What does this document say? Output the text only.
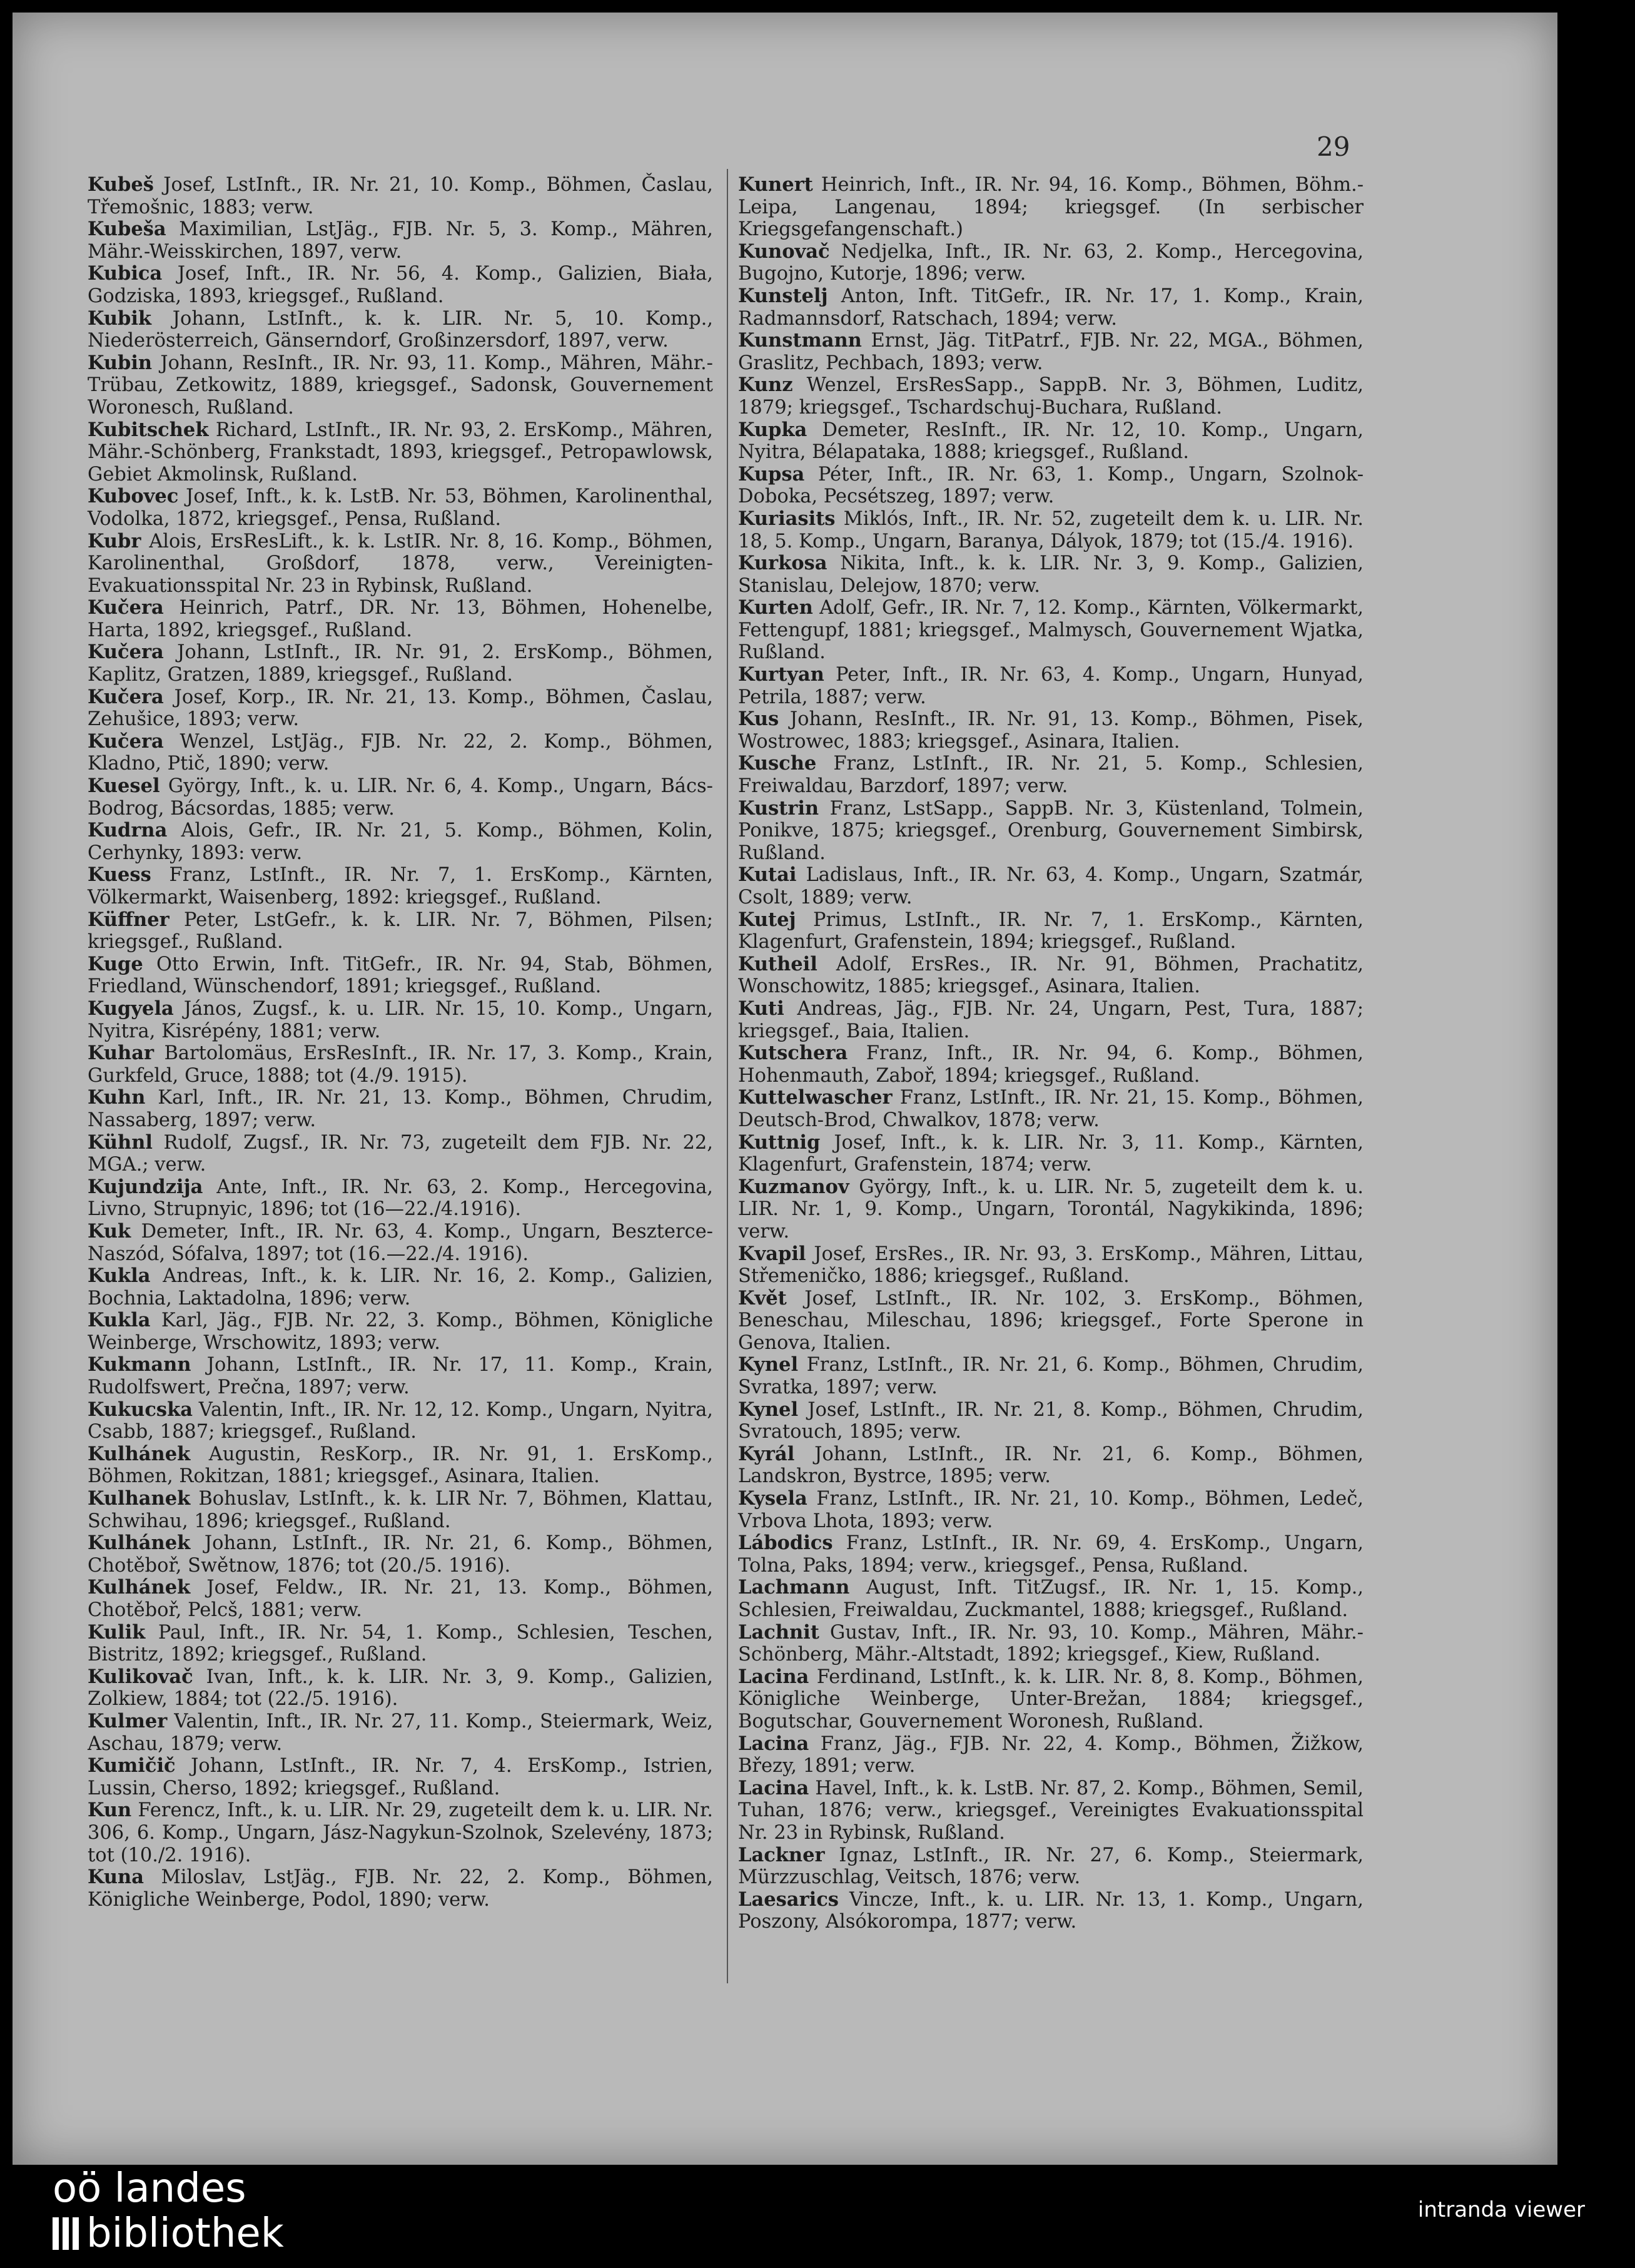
29

Kubeš Josef, LstInft., IR. Nr. 21, 10. Komp., Böhmen, Časlau, Třemošnic, 1883; verw.

Kubeša Maximilian, LstJäg., FJB. Nr. 5, 3. Komp., Mähren, Mähr.-Weisskirchen, 1897, verw.

Kubica Josef, Inft., IR. Nr. 56, 4. Komp., Galizien, Biała, Godziska, 1893, kriegsgef., Rußland.

Kubik Johann, LstInft., k. k. LIR. Nr. 5, 10. Komp., Niederösterreich, Gänserndorf, Großinzersdorf, 1897, verw.

Kubin Johann, ResInft., IR. Nr. 93, 11. Komp., Mähren, Mähr.-Trübau, Zetkowitz, 1889, kriegsgef., Sadonsk, Gouvernement Woronesch, Rußland.

Kubitschek Richard, LstInft., IR. Nr. 93, 2. ErsKomp., Mähren, Mähr.-Schönberg, Frankstadt, 1893, kriegsgef., Petropawlowsk, Gebiet Akmolinsk, Rußland.

Kubovec Josef, Inft., k. k. LstB. Nr. 53, Böhmen, Karolinenthal, Vodolka, 1872, kriegsgef., Pensa, Rußland.

Kubr Alois, ErsResLift., k. k. LstIR. Nr. 8, 16. Komp., Böhmen, Karolinenthal, Großdorf, 1878, verw., Vereinigten-Evakuationsspital Nr. 23 in Rybinsk, Rußland.

Kučera Heinrich, Patrf., DR. Nr. 13, Böhmen, Hohenelbe, Harta, 1892, kriegsgef., Rußland.

Kučera Johann, LstInft., IR. Nr. 91, 2. ErsKomp., Böhmen, Kaplitz, Gratzen, 1889, kriegsgef., Rußland.

Kučera Josef, Korp., IR. Nr. 21, 13. Komp., Böhmen, Časlau, Zehušice, 1893; verw.

Kučera Wenzel, LstJäg., FJB. Nr. 22, 2. Komp., Böhmen, Kladno, Ptič, 1890; verw.

Kuesel György, Inft., k. u. LIR. Nr. 6, 4. Komp., Ungarn, Bács-Bodrog, Bácsordas, 1885; verw.

Kudrna Alois, Gefr., IR. Nr. 21, 5. Komp., Böhmen, Kolin, Cerhynky, 1893: verw.

Kuess Franz, LstInft., IR. Nr. 7, 1. ErsKomp., Kärnten, Völkermarkt, Waisenberg, 1892: kriegsgef., Rußland.

Küffner Peter, LstGefr., k. k. LIR. Nr. 7, Böhmen, Pilsen; kriegsgef., Rußland.

Kuge Otto Erwin, Inft. TitGefr., IR. Nr. 94, Stab, Böhmen, Friedland, Wünschendorf, 1891; kriegsgef., Rußland.

Kugyela János, Zugsf., k. u. LIR. Nr. 15, 10. Komp., Ungarn, Nyitra, Kisrépény, 1881; verw.

Kuhar Bartolomäus, ErsResInft., IR. Nr. 17, 3. Komp., Krain, Gurkfeld, Gruce, 1888; tot (4./9. 1915).

Kuhn Karl, Inft., IR. Nr. 21, 13. Komp., Böhmen, Chrudim, Nassaberg, 1897; verw.

Kühnl Rudolf, Zugsf., IR. Nr. 73, zugeteilt dem FJB. Nr. 22, MGA.; verw.

Kujundzija Ante, Inft., IR. Nr. 63, 2. Komp., Hercegovina, Livno, Strupnyic, 1896; tot (16—22./4.1916).

Kuk Demeter, Inft., IR. Nr. 63, 4. Komp., Ungarn, Beszterce-Naszód, Sófalva, 1897; tot (16.—22./4. 1916).

Kukla Andreas, Inft., k. k. LIR. Nr. 16, 2. Komp., Galizien, Bochnia, Laktadolna, 1896; verw.

Kukla Karl, Jäg., FJB. Nr. 22, 3. Komp., Böhmen, Königliche Weinberge, Wrschowitz, 1893; verw.

Kukmann Johann, LstInft., IR. Nr. 17, 11. Komp., Krain, Rudolfswert, Prečna, 1897; verw.

Kukucska Valentin, Inft., IR. Nr. 12, 12. Komp., Ungarn, Nyitra, Csabb, 1887; kriegsgef., Rußland.

Kulhánek Augustin, ResKorp., IR. Nr. 91, 1. ErsKomp., Böhmen, Rokitzan, 1881; kriegsgef., Asinara, Italien.

Kulhanek Bohuslav, LstInft., k. k. LIR Nr. 7, Böhmen, Klattau, Schwihau, 1896; kriegsgef., Rußland.

Kulhánek Johann, LstInft., IR. Nr. 21, 6. Komp., Böhmen, Chotěboř, Swětnow, 1876; tot (20./5. 1916).

Kulhánek Josef, Feldw., IR. Nr. 21, 13. Komp., Böhmen, Chotěboř, Pelcš, 1881; verw.

Kulik Paul, Inft., IR. Nr. 54, 1. Komp., Schlesien, Teschen, Bistritz, 1892; kriegsgef., Rußland.

Kulikovač Ivan, Inft., k. k. LIR. Nr. 3, 9. Komp., Galizien, Zolkiew, 1884; tot (22./5. 1916).

Kulmer Valentin, Inft., IR. Nr. 27, 11. Komp., Steiermark, Weiz, Aschau, 1879; verw.

Kumičič Johann, LstInft., IR. Nr. 7, 4. ErsKomp., Istrien, Lussin, Cherso, 1892; kriegsgef., Rußland.

Kun Ferencz, Inft., k. u. LIR. Nr. 29, zugeteilt dem k. u. LIR. Nr. 306, 6. Komp., Ungarn, Jász-Nagykun-Szolnok, Szelevény, 1873; tot (10./2. 1916).

Kuna Miloslav, LstJäg., FJB. Nr. 22, 2. Komp., Böhmen, Königliche Weinberge, Podol, 1890; verw.

Kunert Heinrich, Inft., IR. Nr. 94, 16. Komp., Böhmen, Böhm.-Leipa, Langenau, 1894; kriegsgef. (In serbischer Kriegsgefangenschaft.)

Kunovač Nedjelka, Inft., IR. Nr. 63, 2. Komp., Hercegovina, Bugojno, Kutorje, 1896; verw.

Kunstelj Anton, Inft. TitGefr., IR. Nr. 17, 1. Komp., Krain, Radmannsdorf, Ratschach, 1894; verw.

Kunstmann Ernst, Jäg. TitPatrf., FJB. Nr. 22, MGA., Böhmen, Graslitz, Pechbach, 1893; verw.

Kunz Wenzel, ErsResSapp., SappB. Nr. 3, Böhmen, Luditz, 1879; kriegsgef., Tschardschuj-Buchara, Rußland.

Kupka Demeter, ResInft., IR. Nr. 12, 10. Komp., Ungarn, Nyitra, Bélapataka, 1888; kriegsgef., Rußland.

Kupsa Péter, Inft., IR. Nr. 63, 1. Komp., Ungarn, Szolnok-Doboka, Pecsétszeg, 1897; verw.

Kuriasits Miklós, Inft., IR. Nr. 52, zugeteilt dem k. u. LIR. Nr. 18, 5. Komp., Ungarn, Baranya, Dályok, 1879; tot (15./4. 1916).

Kurkosa Nikita, Inft., k. k. LIR. Nr. 3, 9. Komp., Galizien, Stanislau, Delejow, 1870; verw.

Kurten Adolf, Gefr., IR. Nr. 7, 12. Komp., Kärnten, Völkermarkt, Fettengupf, 1881; kriegsgef., Malmysch, Gouvernement Wjatka, Rußland.

Kurtyan Peter, Inft., IR. Nr. 63, 4. Komp., Ungarn, Hunyad, Petrila, 1887; verw.

Kus Johann, ResInft., IR. Nr. 91, 13. Komp., Böhmen, Pisek, Wostrowec, 1883; kriegsgef., Asinara, Italien.

Kusche Franz, LstInft., IR. Nr. 21, 5. Komp., Schlesien, Freiwaldau, Barzdorf, 1897; verw.

Kustrin Franz, LstSapp., SappB. Nr. 3, Küstenland, Tolmein, Ponikve, 1875; kriegsgef., Orenburg, Gouvernement Simbirsk, Rußland.

Kutai Ladislaus, Inft., IR. Nr. 63, 4. Komp., Ungarn, Szatmár, Csolt, 1889; verw.

Kutej Primus, LstInft., IR. Nr. 7, 1. ErsKomp., Kärnten, Klagenfurt, Grafenstein, 1894; kriegsgef., Rußland.

Kutheil Adolf, ErsRes., IR. Nr. 91, Böhmen, Prachatitz, Wonschowitz, 1885; kriegsgef., Asinara, Italien.

Kuti Andreas, Jäg., FJB. Nr. 24, Ungarn, Pest, Tura, 1887; kriegsgef., Baia, Italien.

Kutschera Franz, Inft., IR. Nr. 94, 6. Komp., Böhmen, Hohenmauth, Zaboř, 1894; kriegsgef., Rußland.

Kuttelwascher Franz, LstInft., IR. Nr. 21, 15. Komp., Böhmen, Deutsch-Brod, Chwalkov, 1878; verw.

Kuttnig Josef, Inft., k. k. LIR. Nr. 3, 11. Komp., Kärnten, Klagenfurt, Grafenstein, 1874; verw.

Kuzmanov György, Inft., k. u. LIR. Nr. 5, zugeteilt dem k. u. LIR. Nr. 1, 9. Komp., Ungarn, Torontál, Nagykikinda, 1896; verw.

Kvapil Josef, ErsRes., IR. Nr. 93, 3. ErsKomp., Mähren, Littau, Střemeničko, 1886; kriegsgef., Rußland.

Květ Josef, LstInft., IR. Nr. 102, 3. ErsKomp., Böhmen, Beneschau, Mileschau, 1896; kriegsgef., Forte Sperone in Genova, Italien.

Kynel Franz, LstInft., IR. Nr. 21, 6. Komp., Böhmen, Chrudim, Svratka, 1897; verw.

Kynel Josef, LstInft., IR. Nr. 21, 8. Komp., Böhmen, Chrudim, Svratouch, 1895; verw.

Kyrál Johann, LstInft., IR. Nr. 21, 6. Komp., Böhmen, Landskron, Bystrce, 1895; verw.

Kysela Franz, LstInft., IR. Nr. 21, 10. Komp., Böhmen, Ledeč, Vrbova Lhota, 1893; verw.

Lábodics Franz, LstInft., IR. Nr. 69, 4. ErsKomp., Ungarn, Tolna, Paks, 1894; verw., kriegsgef., Pensa, Rußland.

Lachmann August, Inft. TitZugsf., IR. Nr. 1, 15. Komp., Schlesien, Freiwaldau, Zuckmantel, 1888; kriegsgef., Rußland.

Lachnit Gustav, Inft., IR. Nr. 93, 10. Komp., Mähren, Mähr.-Schönberg, Mähr.-Altstadt, 1892; kriegsgef., Kiew, Rußland.

Lacina Ferdinand, LstInft., k. k. LIR. Nr. 8, 8. Komp., Böhmen, Königliche Weinberge, Unter-Brežan, 1884; kriegsgef., Bogutschar, Gouvernement Woronesh, Rußland.

Lacina Franz, Jäg., FJB. Nr. 22, 4. Komp., Böhmen, Žižkow, Březy, 1891; verw.

Lacina Havel, Inft., k. k. LstB. Nr. 87, 2. Komp., Böhmen, Semil, Tuhan, 1876; verw., kriegsgef., Vereinigtes Evakuationsspital Nr. 23 in Rybinsk, Rußland.

Lackner Ignaz, LstInft., IR. Nr. 27, 6. Komp., Steiermark, Mürzzuschlag, Veitsch, 1876; verw.

Laesarics Vincze, Inft., k. u. LIR. Nr. 13, 1. Komp., Ungarn, Poszony, Alsókorompa, 1877; verw.

oö landes
bibliothek
intranda viewer
